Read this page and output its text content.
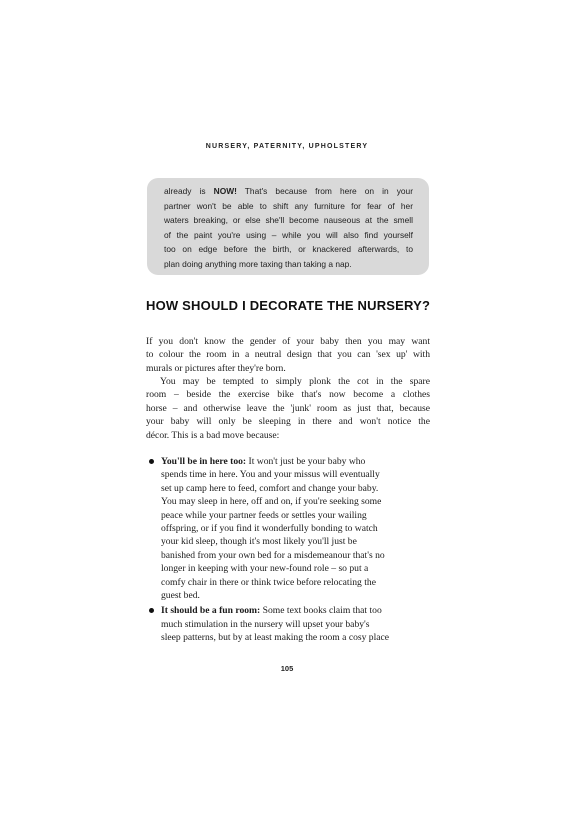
NURSERY, PATERNITY, UPHOLSTERY
already is NOW! That's because from here on in your
partner won't be able to shift any furniture for fear of her
waters breaking, or else she'll become nauseous at the smell
of the paint you're using – while you will also find yourself
too on edge before the birth, or knackered afterwards, to
plan doing anything more taxing than taking a nap.
HOW SHOULD I DECORATE THE NURSERY?
If you don't know the gender of your baby then you may want
to colour the room in a neutral design that you can 'sex up' with
murals or pictures after they're born.
You may be tempted to simply plonk the cot in the spare
room – beside the exercise bike that's now become a clothes
horse – and otherwise leave the 'junk' room as just that, because
your baby will only be sleeping in there and won't notice the
décor. This is a bad move because:
You'll be in here too: It won't just be your baby who
spends time in here. You and your missus will eventually
set up camp here to feed, comfort and change your baby.
You may sleep in here, off and on, if you're seeking some
peace while your partner feeds or settles your wailing
offspring, or if you find it wonderfully bonding to watch
your kid sleep, though it's most likely you'll just be
banished from your own bed for a misdemeanour that's no
longer in keeping with your new-found role – so put a
comfy chair in there or think twice before relocating the
guest bed.
It should be a fun room: Some text books claim that too
much stimulation in the nursery will upset your baby's
sleep patterns, but by at least making the room a cosy place
105
